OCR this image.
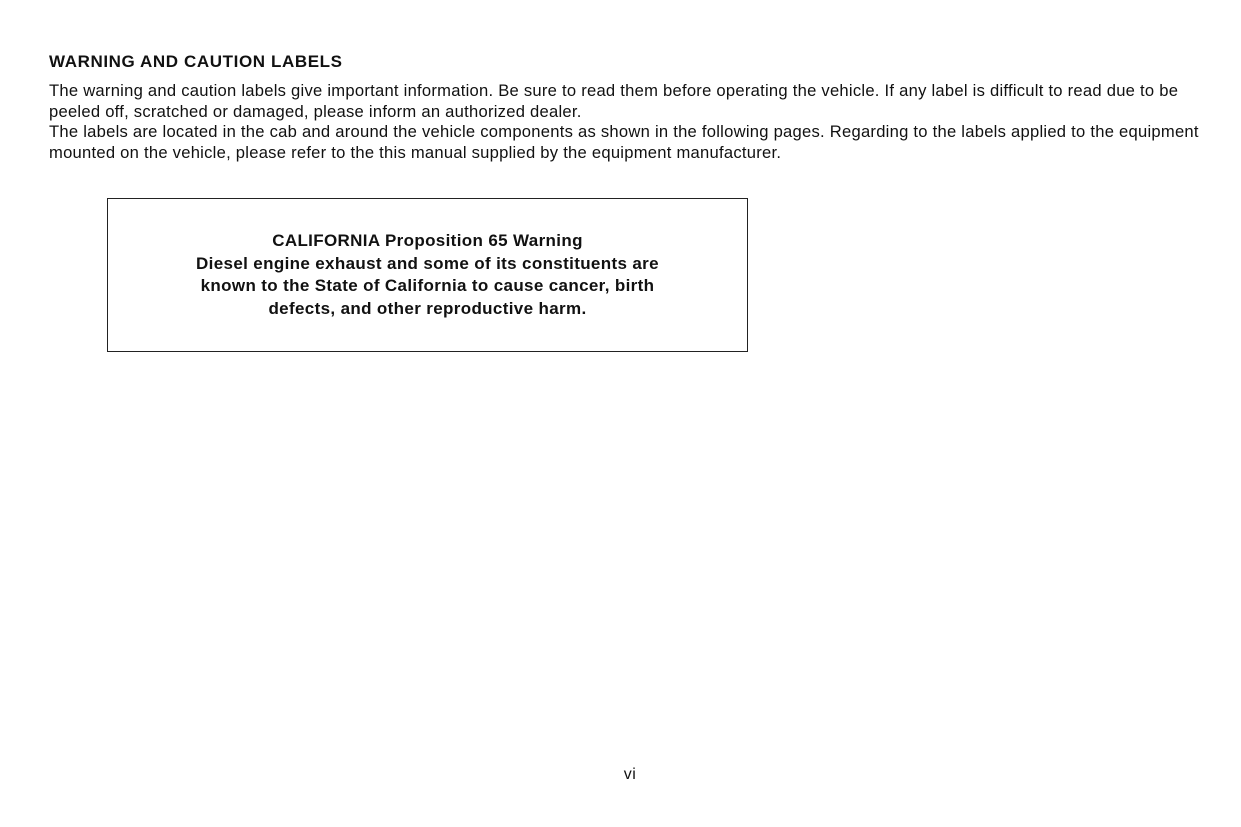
WARNING AND CAUTION LABELS

The warning and caution labels give important information. Be sure to read them before operating the vehicle. If any label is difficult to read due to be peeled off, scratched or damaged, please inform an authorized dealer.

The labels are located in the cab and around the vehicle components as shown in the following pages. Regarding to the labels applied to the equipment mounted on the vehicle, please refer to the this manual supplied by the equipment manufacturer.

CALIFORNIA Proposition 65 Warning
Diesel engine exhaust and some of its constituents are
known to the State of California to cause cancer, birth
defects, and other reproductive harm.

vi
